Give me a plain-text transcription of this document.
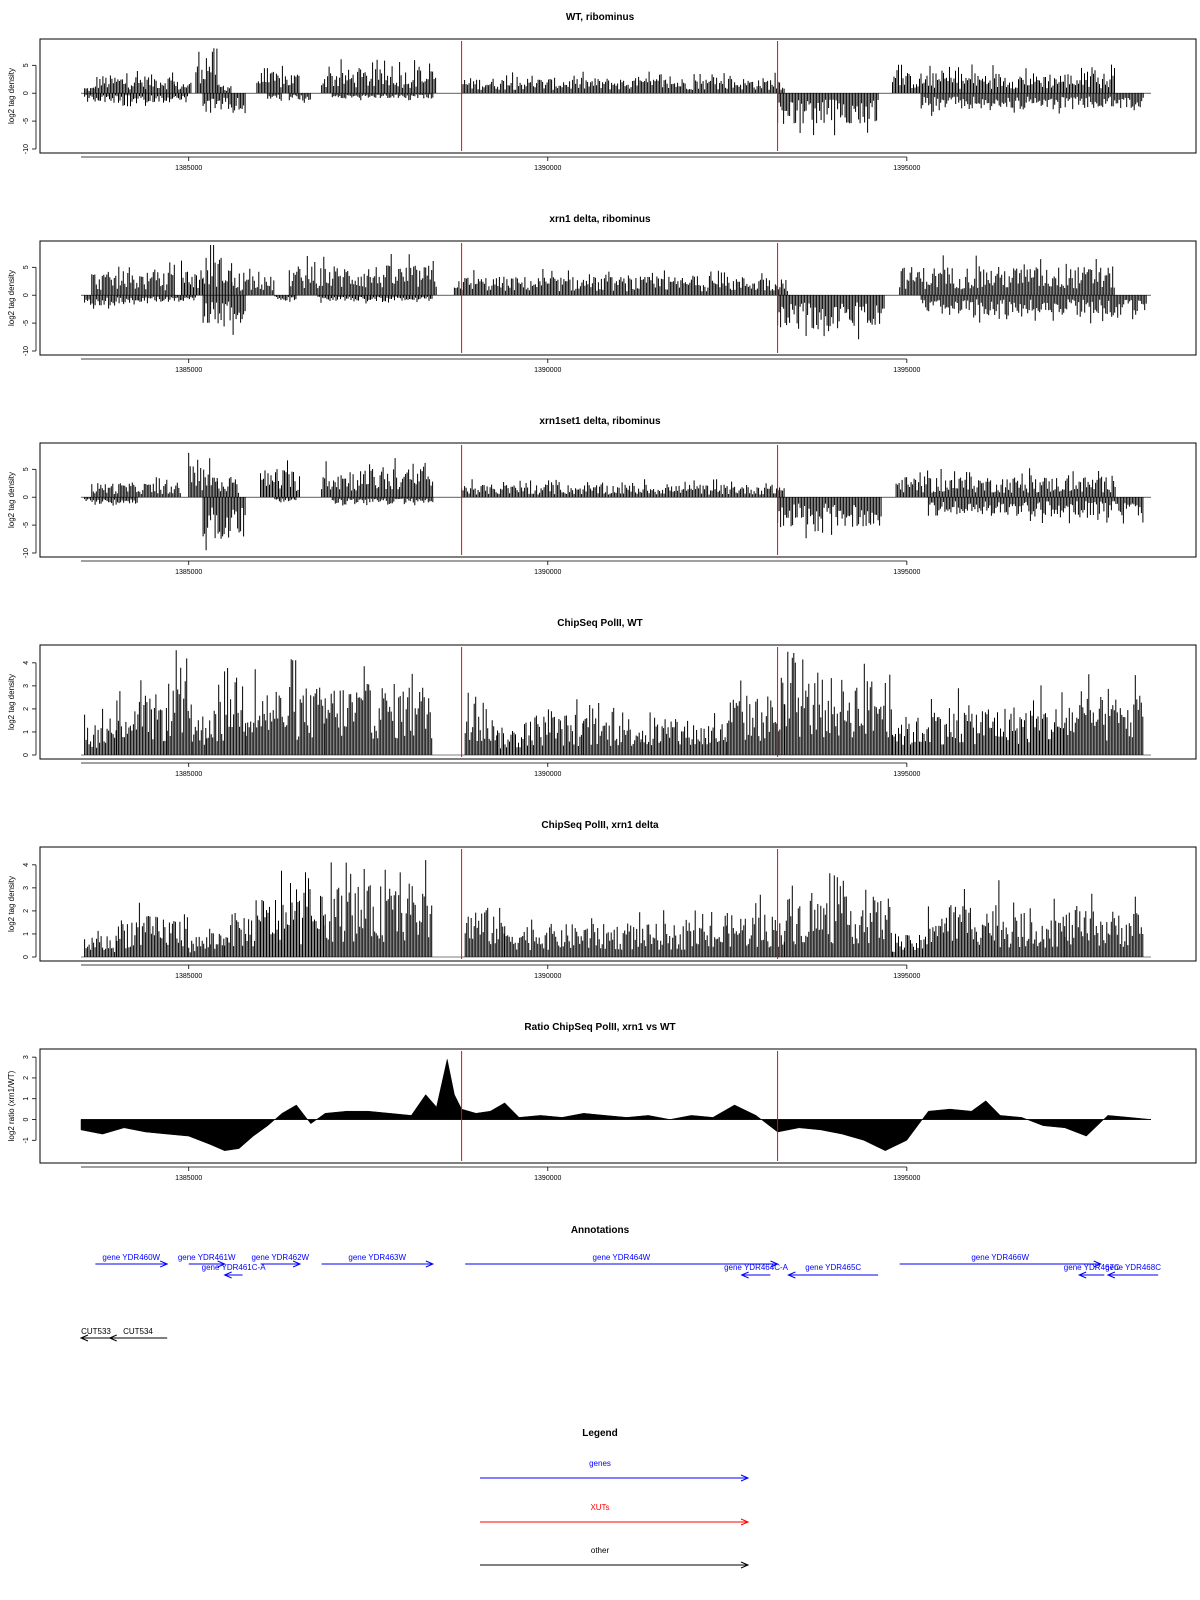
WT, ribominus
-10
-5
0
5
log2 tag density
1385000	1390000	1395000
xrn1 delta, ribominus
-10
-5
0
5
log2 tag density
1385000	1390000	1395000
xrn1set1 delta, ribominus
-10
-5
0
5
log2 tag density
1385000	1390000	1395000
ChipSeq PolII, WT
0
1
2
3
4
log2 tag density
1385000	1390000	1395000
ChipSeq PolII, xrn1 delta
0
1
2
3
4
log2 tag density
1385000	1390000	1395000
Ratio ChipSeq PolII, xrn1 vs WT
-1
0
1
2
3
log2 ratio (xrn1/WT)
1385000	1390000	1395000
Annotations
gene YDR460W gene YDR461W
gene YDR461C-A
gene YDR462W	gene YDR463W	gene YDR464W
gene YDR464C-A gene YDR465C
gene YDR466W
gene YDR467C
gene YDR468C
CUT533 CUT534
Legend
genes
XUTs
other
